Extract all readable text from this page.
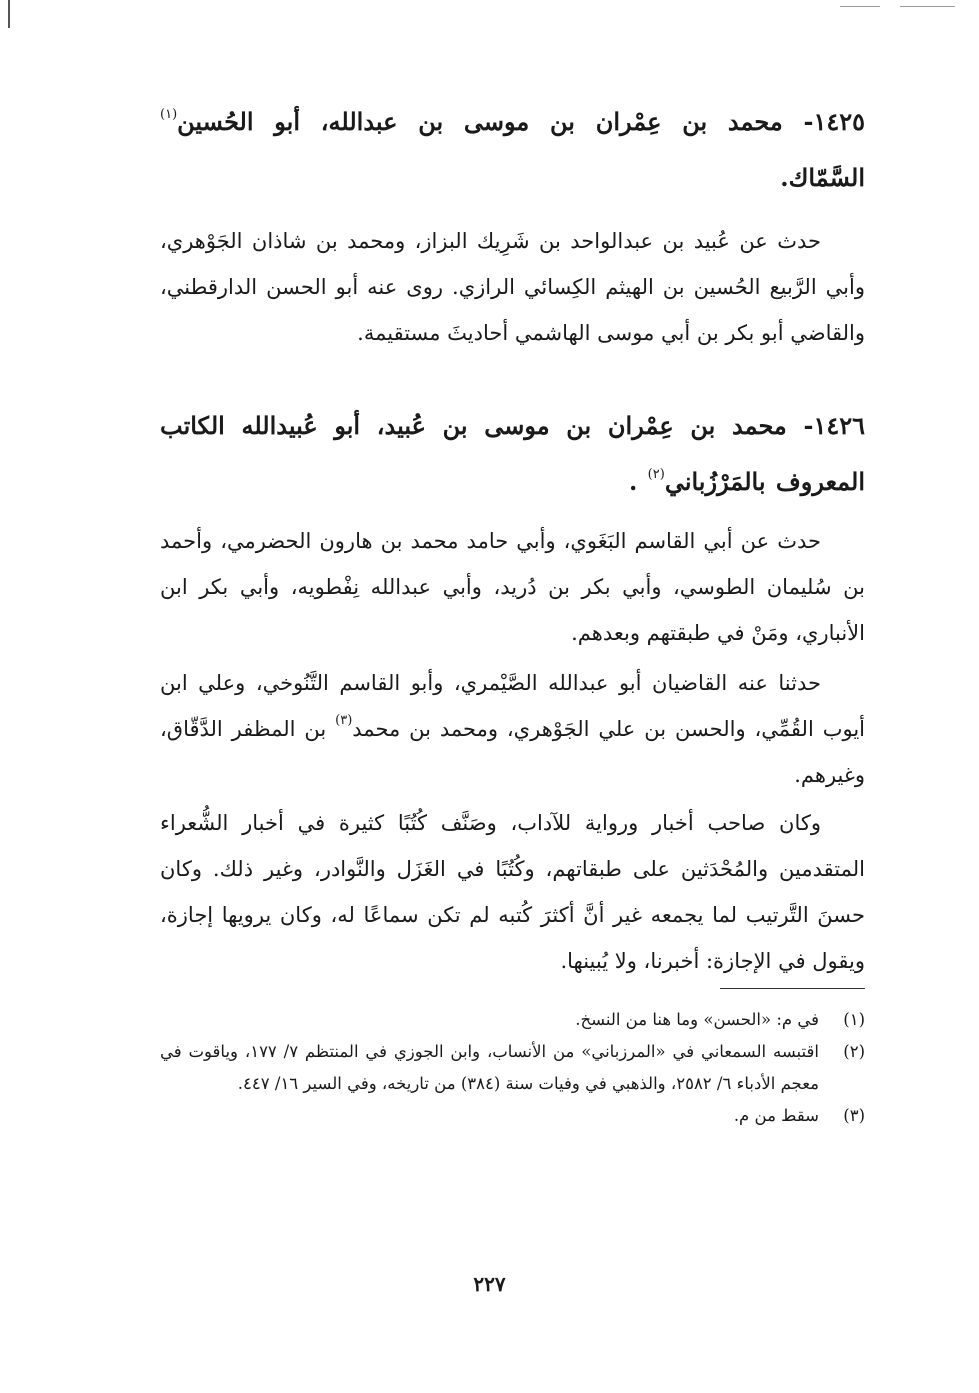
١٤٢٥- محمد بن عِمْران بن موسى بن عبدالله، أبو الحُسين$^{(١)}$ السَّمّاك.

حدث عن عُبيد بن عبدالواحد بن شَرِيك البزاز، ومحمد بن شاذان الجَوْهري، وأبي الرَّبيع الحُسين بن الهيثم الكِسائي الرازي. روى عنه أبو الحسن الدارقطني، والقاضي أبو بكر بن أبي موسى الهاشمي أحاديثَ مستقيمة.

١٤٢٦- محمد بن عِمْران بن موسى بن عُبيد، أبو عُبيدالله الكاتب المعروف بالمَرْزُباني$^{(٢)}$ .

حدث عن أبي القاسم البَغَوي، وأبي حامد محمد بن هارون الحضرمي، وأحمد بن سُليمان الطوسي، وأبي بكر بن دُريد، وأبي عبدالله نِفْطويه، وأبي بكر ابن الأنباري، ومَنْ في طبقتهم وبعدهم.

حدثنا عنه القاضيان أبو عبدالله الصَّيْمري، وأبو القاسم التَّنُوخي، وعلي ابن أيوب القُمِّي، والحسن بن علي الجَوْهري، ومحمد بن محمد$^{(٣)}$ بن المظفر الدَّقّاق، وغيرهم.

وكان صاحب أخبار ورواية للآداب، وصَنَّف كُتُبًا كثيرة في أخبار الشُّعراء المتقدمين والمُحْدَثين على طبقاتهم، وكُتُبًا في الغَزَل والنَّوادر، وغير ذلك. وكان حسنَ التَّرتيب لما يجمعه غير أنَّ أكثرَ كُتبه لم تكن سماعًا له، وكان يرويها إجازة، ويقول في الإجازة: أخبرنا، ولا يُبينها.

(١)
في م: «الحسن» وما هنا من النسخ.
(٢)
اقتبسه السمعاني في «المرزباني» من الأنساب، وابن الجوزي في المنتظم ٧/ ١٧٧، وياقوت في معجم الأدباء ٦/ ٢٥٨٢، والذهبي في وفيات سنة (٣٨٤) من تاريخه، وفي السير ١٦/ ٤٤٧.
(٣)
سقط من م.
٢٢٧
